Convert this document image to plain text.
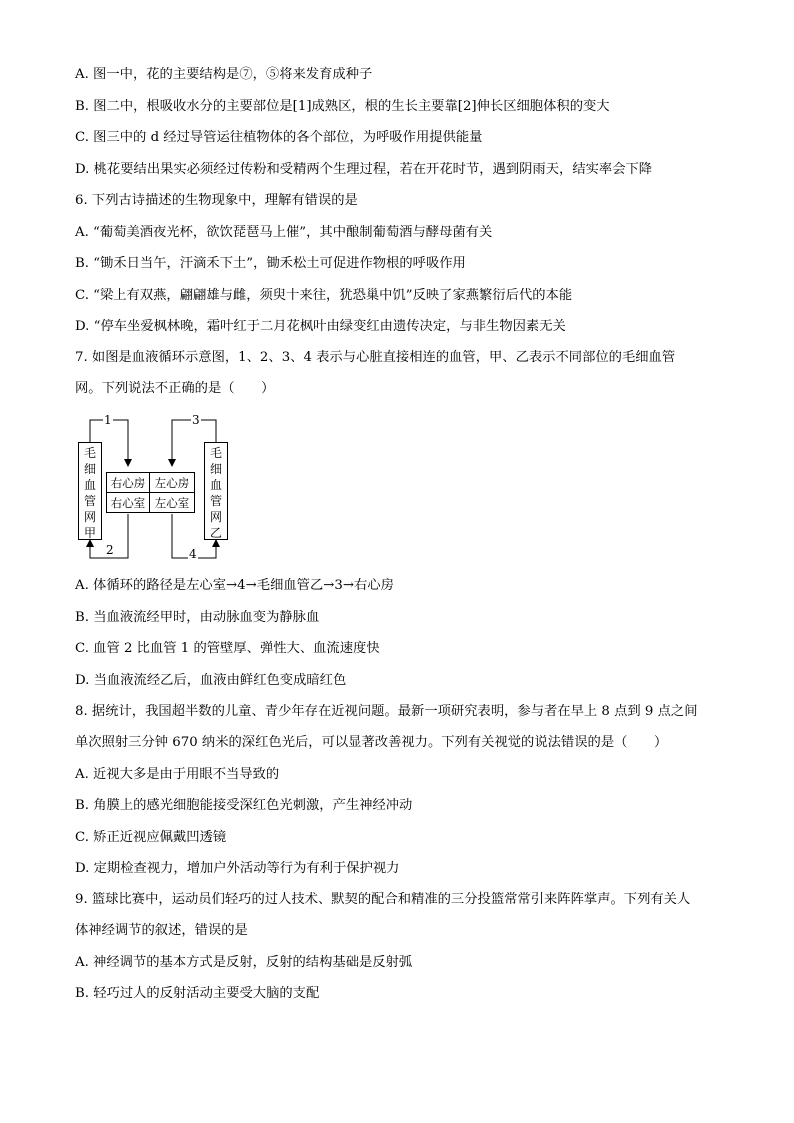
A. 图一中，花的主要结构是⑦，⑤将来发育成种子
B. 图二中，根吸收水分的主要部位是[1]成熟区，根的生长主要靠[2]伸长区细胞体积的变大
C. 图三中的 d 经过导管运往植物体的各个部位，为呼吸作用提供能量
D. 桃花要结出果实必须经过传粉和受精两个生理过程，若在开花时节，遇到阴雨天，结实率会下降
6. 下列古诗描述的生物现象中，理解有错误的是
A. “葡萄美酒夜光杯，欲饮琵琶马上催”，其中酿制葡萄酒与酵母菌有关
B. “锄禾日当午，汗滴禾下土”，锄禾松土可促进作物根的呼吸作用
C. “梁上有双燕，翩翩雄与雌，须臾十来往，犹恐巢中饥”反映了家燕繁衍后代的本能
D. “停车坐爱枫林晚，霜叶红于二月花枫叶由绿变红由遗传决定，与非生物因素无关
7. 如图是血液循环示意图，1、2、3、4 表示与心脏直接相连的血管，甲、乙表示不同部位的毛细血管
网。下列说法不正确的是（　　）
毛
细
血
管
网
甲
毛
细
血
管
网
乙
右心房 左心房
右心室 左心室
1	3
2	4
A. 体循环的路径是左心室→4→毛细血管乙→3→右心房
B. 当血液流经甲时，由动脉血变为静脉血
C. 血管 2 比血管 1 的管壁厚、弹性大、血流速度快
D. 当血液流经乙后，血液由鲜红色变成暗红色
8. 据统计，我国超半数的儿童、青少年存在近视问题。最新一项研究表明，参与者在早上 8 点到 9 点之间
单次照射三分钟 670 纳米的深红色光后，可以显著改善视力。下列有关视觉的说法错误的是（　　）
A. 近视大多是由于用眼不当导致的
B. 角膜上的感光细胞能接受深红色光刺激，产生神经冲动
C. 矫正近视应佩戴凹透镜
D. 定期检查视力，增加户外活动等行为有利于保护视力
9. 篮球比赛中，运动员们轻巧的过人技术、默契的配合和精准的三分投篮常常引来阵阵掌声。下列有关人
体神经调节的叙述，错误的是
A. 神经调节的基本方式是反射，反射的结构基础是反射弧
B. 轻巧过人的反射活动主要受大脑的支配
